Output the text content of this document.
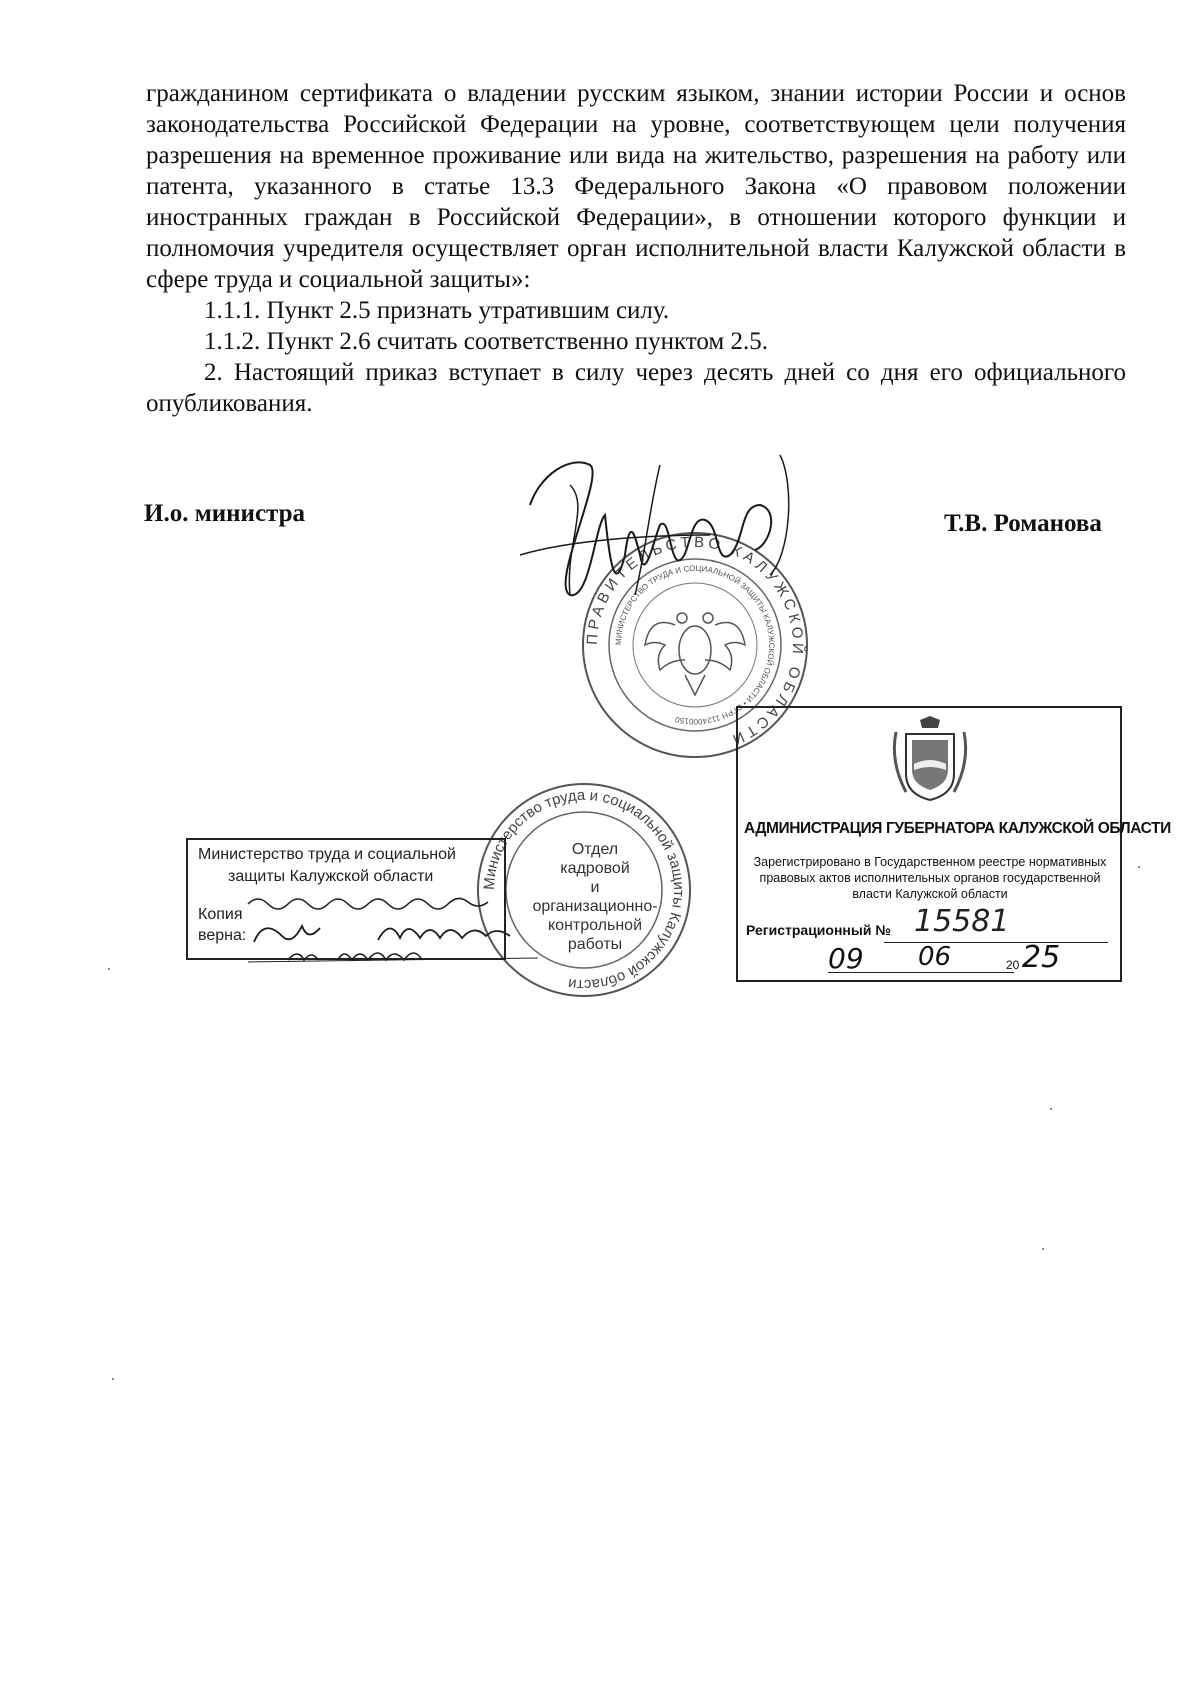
гражданином сертификата о владении русским языком, знании истории России и основ законодательства Российской Федерации на уровне, соответствующем цели получения разрешения на временное проживание или вида на жительство, разрешения на работу или патента, указанного в статье 13.3 Федерального Закона «О правовом положении иностранных граждан в Российской Федерации», в отношении которого функции и полномочия учредителя осуществляет орган исполнительной власти Калужской области в сфере труда и социальной защиты»:

1.1.1. Пункт 2.5 признать утратившим силу.

1.1.2. Пункт 2.6 считать соответственно пунктом 2.5.

2. Настоящий приказ вступает в силу через десять дней со дня его официального опубликования.

И.о. министра	Т.В. Романова
ПРАВИТЕЛЬСТВО КАЛУЖСКОЙ ОБЛАСТИ
МИНИСТЕРСТВО ТРУДА И СОЦИАЛЬНОЙ ЗАЩИТЫ КАЛУЖСКОЙ ОБЛАСТИ • ОГРН 1124000150
АДМИНИСТРАЦИЯ ГУБЕРНАТОРА КАЛУЖСКОЙ ОБЛАСТИ
Зарегистрировано в Государственном реестре нормативных правовых актов исполнительных органов государственной власти Калужской области
Регистрационный № 15581
09 06	20 25
Министерство труда и социальной защиты Калужской области
Отдел
кадровой
и
организационно-
контрольной
работы
Министерство труда и социальной
защиты Калужской области
Копия
верна:
